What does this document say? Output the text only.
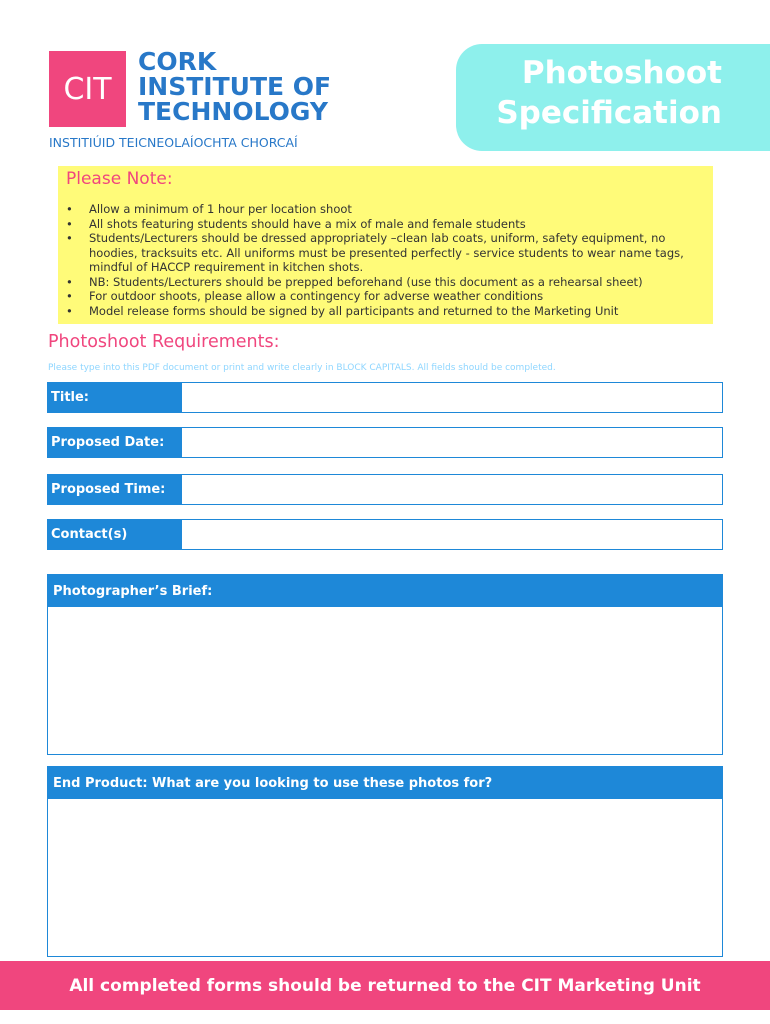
CIT
CORK
INSTITUTE OF
TECHNOLOGY
INSTITIÚID TEICNEOLAÍOCHTA CHORCAÍ
Photoshoot
Specification
Please Note:
• Allow a minimum of 1 hour per location shoot
• All shots featuring students should have a mix of male and female students
• Students/Lecturers should be dressed appropriately –clean lab coats, uniform, safety equipment, no hoodies, tracksuits etc. All uniforms must be presented perfectly - service students to wear name tags, mindful of HACCP requirement in kitchen shots.
• NB: Students/Lecturers should be prepped beforehand (use this document as a rehearsal sheet)
• For outdoor shoots, please allow a contingency for adverse weather conditions
• Model release forms should be signed by all participants and returned to the Marketing Unit
Photoshoot Requirements:
Please type into this PDF document or print and write clearly in BLOCK CAPITALS. All fields should be completed.
Title:
Proposed Date:
Proposed Time:
Contact(s)
Photographer’s Brief:
End Product: What are you looking to use these photos for?
All completed forms should be returned to the CIT Marketing Unit
